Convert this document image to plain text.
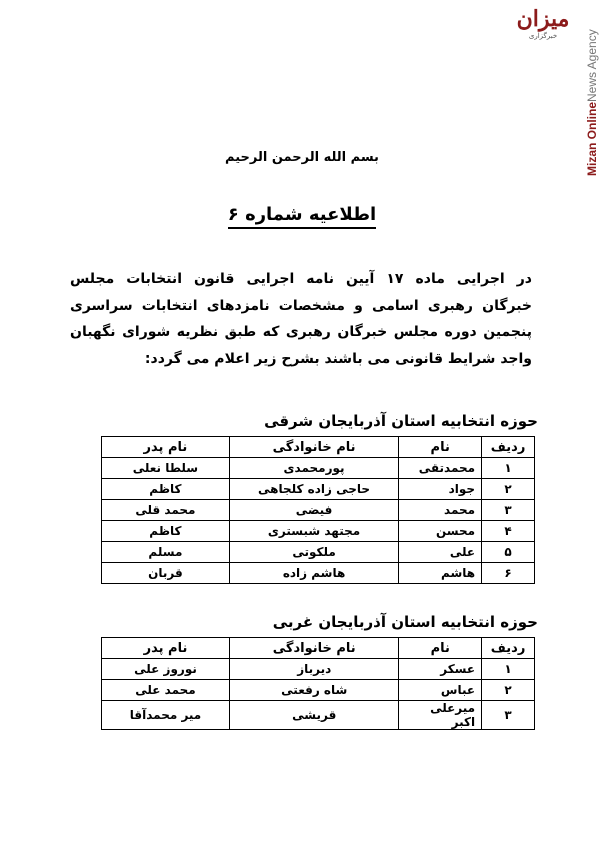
میزان
خبرگزاری
Mizan Online
News Agency
بسم الله الرحمن الرحیم
اطلاعیه شماره ۶
در اجرایی ماده ۱۷ آیین نامه اجرایی قانون انتخابات مجلس
خبرگان رهبری اسامی و مشخصات نامزدهای انتخابات سراسری
پنجمین دوره مجلس خبرگان رهبری که طبق نظریه شورای نگهبان
واجد شرایط قانونی می باشند بشرح زیر اعلام می گردد:
حوزه انتخابیه استان آذربایجان شرقی
ردیف	نام	نام خانوادگی	نام پدر
۱	محمدتقی	پورمحمدی	سلطا نعلی
۲	جواد	حاجی زاده کلجاهی	کاظم
۳	محمد	فیضی	محمد قلی
۴	محسن	مجتهد شبستری	کاظم
۵	علی	ملکوتی	مسلم
۶	هاشم	هاشم زاده	قربان
حوزه انتخابیه استان آذربایجان غربی
ردیف	نام	نام خانوادگی	نام پدر
۱	عسکر	دیرباز	نوروز علی
۲	عباس	شاه رفعتی	محمد علی
۳	میرعلی اکبر	قریشی	میر محمدآقا
